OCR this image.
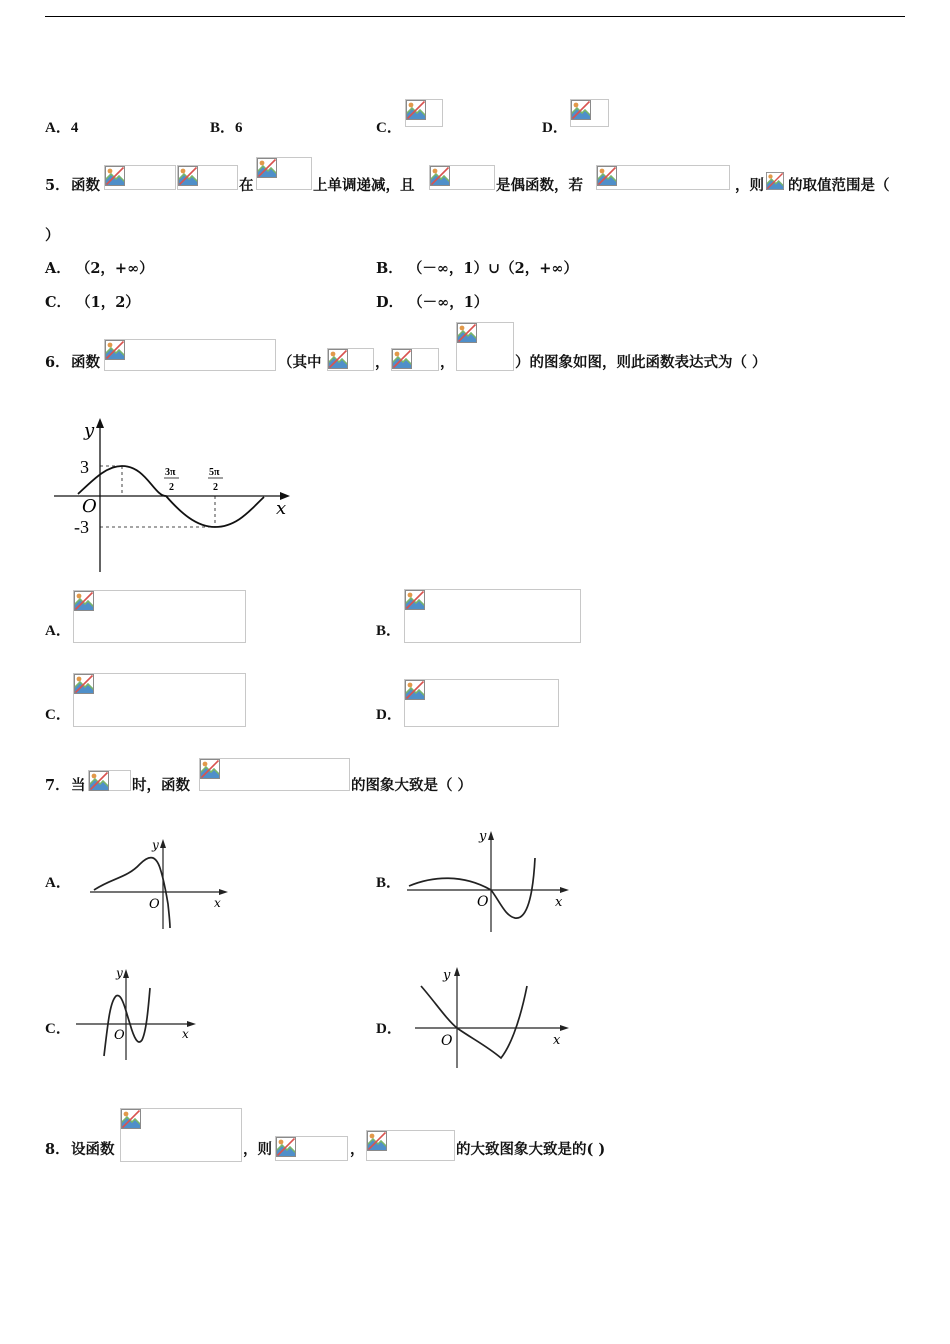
A．4	B．6	C．	D．
5． 函数	在	上单调递减，且	是偶函数，若	，则 的取值范围是（
）
A． （2，+∞）	B． （－∞，1）∪（2，+∞）
C． （1，2）	D． （－∞，1）
6． 函数	（其中	，	，	）的图象如图，则此函数表达式为（ ）
y
x
3
-3
O
3π
2
5π
2
A．	B．
C．	D．
7． 当	时，函数	的图象大致是（ ）
A．
y
x
O
B．
y
x
O
C．
y
x
O	D．
y
x
O
8． 设函数	，则	，	的大致图象大致是的( )
